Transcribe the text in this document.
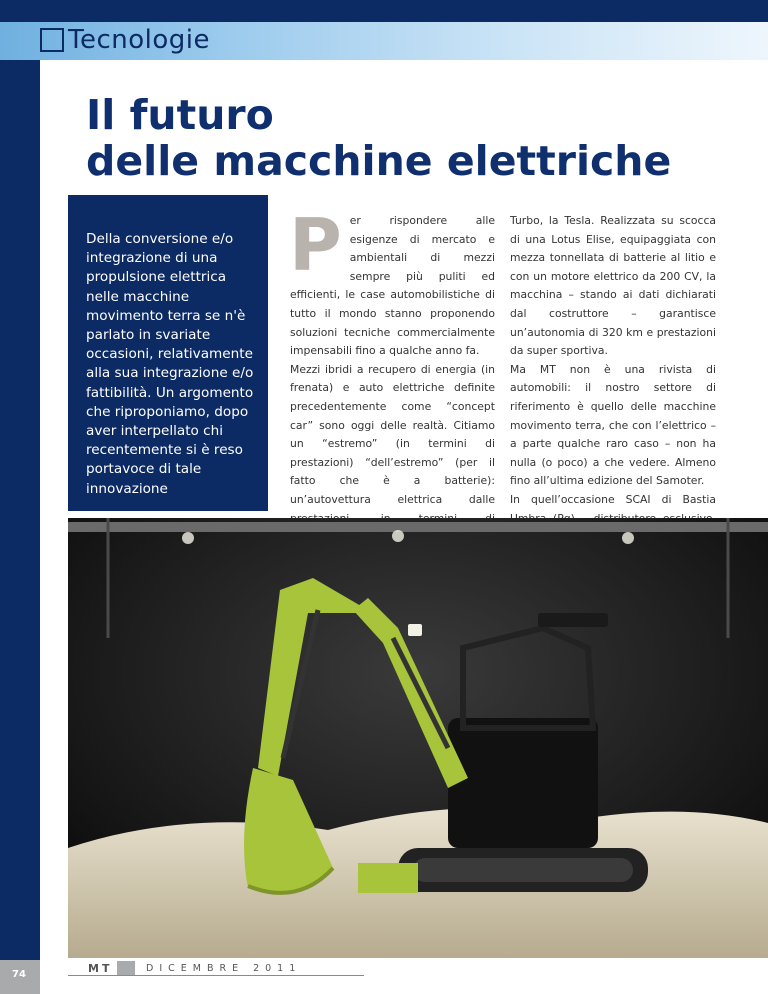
Tecnologie
Il futuro
delle macchine elettriche

Della conversione e/o integrazione di una propulsione elettrica nelle macchine movimento terra se n'è parlato in svariate occasioni, relativamente alla sua integrazione e/o fattibilità. Un argomento che riproponiamo, dopo aver interpellato chi recentemente si è reso portavoce di tale innovazione

P er rispondere alle esigenze di mercato e ambientali di mezzi sempre più puliti ed efficienti, le case automobilistiche di tutto il mondo stanno proponendo soluzioni tecniche commercialmente impensabili fino a qualche anno fa.

Mezzi ibridi a recupero di energia (in frenata) e auto elettriche definite precedentemente come “concept car” sono oggi delle realtà. Citiamo un “estremo” (in termini di prestazioni) “dell’estremo” (per il fatto che è a batterie): un’autovettura elettrica dalle

Turbo, la Tesla. Realizzata su scocca di una Lotus Elise, equipaggiata con mezza tonnellata di batterie al litio e con un motore elettrico da 200 CV, la macchina – stando ai dati dichiarati dal costruttore – garantisce un’autonomia di 320 km e prestazioni da super sportiva.

Ma MT non è una rivista di automobili: il nostro settore di riferimento è quello delle macchine movimento terra, che con l’elettrico – a parte qualche raro caso – non ha nulla (o poco) a che vedere. Almeno fino all’ultima edizione del Samoter.

In quell’occasione SCAI di Bastia

74	MT	DICEMBRE 2011
